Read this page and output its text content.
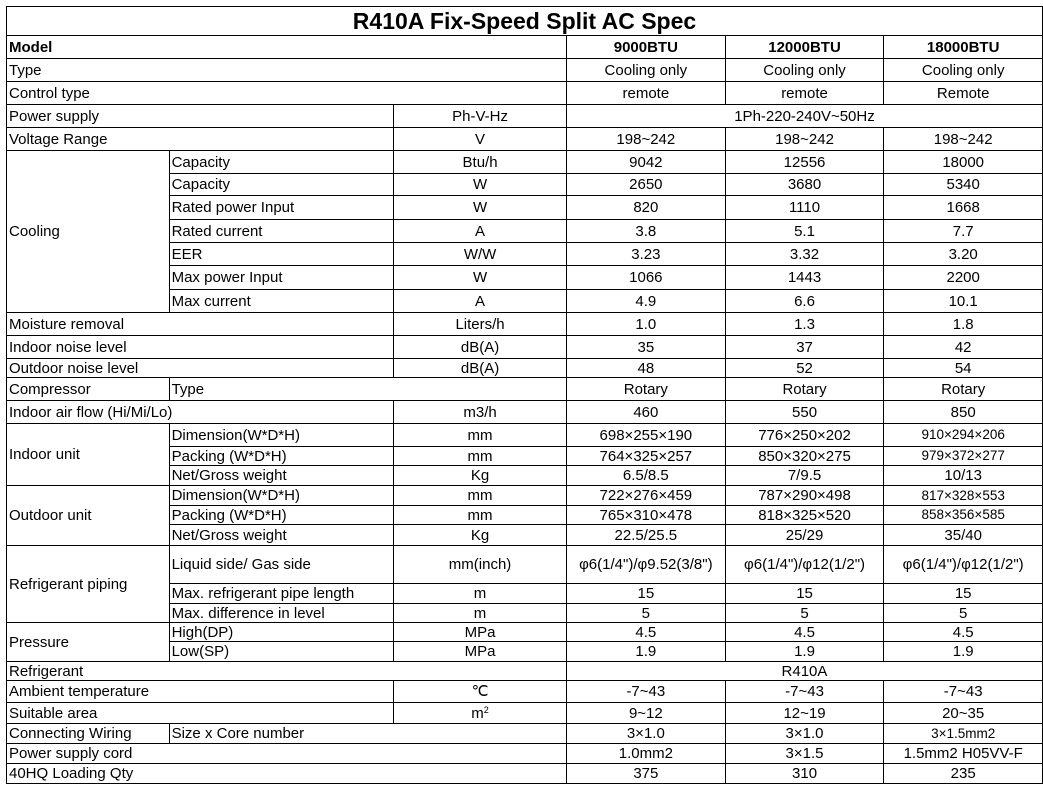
R410A Fix-Speed Split AC Spec					
Model			9000BTU	12000BTU	18000BTU
Type			Cooling only	Cooling only	Cooling only
Control type			remote	remote	Remote
Power supply		Ph-V-Hz	1Ph-220-240V~50Hz		
Voltage Range		V	198~242	198~242	198~242
Cooling	Capacity	Btu/h	9042	12556	18000
	Capacity	W	2650	3680	5340
	Rated power Input	W	820	1110	1668
	Rated current	A	3.8	5.1	7.7
	EER	W/W	3.23	3.32	3.20
	Max power Input	W	1066	1443	2200
	Max current	A	4.9	6.6	10.1
Moisture removal		Liters/h	1.0	1.3	1.8
Indoor noise level		dB(A)	35	37	42
Outdoor noise level		dB(A)	48	52	54
Compressor	Type		Rotary	Rotary	Rotary
Indoor air flow (Hi/Mi/Lo)		m3/h	460	550	850
Indoor unit	Dimension(W*D*H)	mm	698×255×190	776×250×202	910×294×206
	Packing (W*D*H)	mm	764×325×257	850×320×275	979×372×277
	Net/Gross weight	Kg	6.5/8.5	7/9.5	10/13
Outdoor unit	Dimension(W*D*H)	mm	722×276×459	787×290×498	817×328×553
	Packing (W*D*H)	mm	765×310×478	818×325×520	858×356×585
	Net/Gross weight	Kg	22.5/25.5	25/29	35/40
Refrigerant piping	Liquid side/ Gas side	mm(inch)	φ6(1/4")/φ9.52(3/8")	φ6(1/4")/φ12(1/2")	φ6(1/4")/φ12(1/2")
	Max. refrigerant pipe length	m	15	15	15
	Max. difference in level	m	5	5	5
Pressure	High(DP)	MPa	4.5	4.5	4.5
	Low(SP)	MPa	1.9	1.9	1.9
Refrigerant			R410A		
Ambient temperature		℃	-7~43	-7~43	-7~43
Suitable area		$m^2$	9~12	12~19	20~35
Connecting Wiring	Size x Core number		3×1.0	3×1.0	3×1.5mm2
Power supply cord			1.0mm2	3×1.5	1.5mm2 H05VV-F
40HQ Loading Qty			375	310	235
